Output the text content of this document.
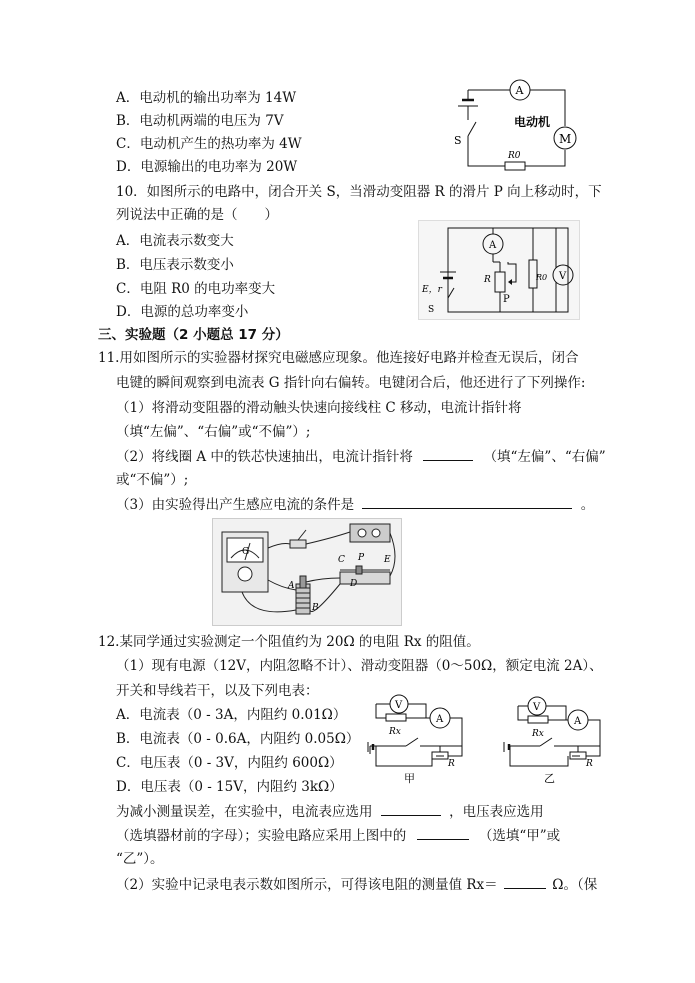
A．电动机的输出功率为 14W
B．电动机两端的电压为 7V
C．电动机产生的热功率为 4W
D．电源输出的电功率为 20W
A
电动机
M
S
R0
10．如图所示的电路中，闭合开关 S，当滑动变阻器 R 的滑片 P 向上移动时，下
列说法中正确的是（　　）
A．电流表示数变大
B．电压表示数变小
C．电阻 R0 的电功率变大
D．电源的总功率变小
A
V
E，r
S
R
P
R0
三、实验题（2 小题总 17 分）
11.用如图所示的实验器材探究电磁感应现象。他连接好电路并检查无误后，闭合
电键的瞬间观察到电流表 G 指针向右偏转。电键闭合后，他还进行了下列操作:
（1）将滑动变阻器的滑动触头快速向接线柱 C 移动，电流计指针将
（填“左偏”、“右偏”或“不偏”）;
（2）将线圈 A 中的铁芯快速抽出，电流计指针将	（填“左偏”、“右偏”
或“不偏”）;
（3）由实验得出产生感应电流的条件是	。
G
A
B
C P
D
E
12.某同学通过实验测定一个阻值约为 20Ω 的电阻 Rx 的阻值。
（1）现有电源（12V，内阻忽略不计）、滑动变阻器（0～50Ω，额定电流 2A）、
开关和导线若干，以及下列电表：
A．电流表（0 - 3A，内阻约 0.01Ω）
B．电流表（0 - 0.6A，内阻约 0.05Ω）
C．电压表（0 - 3V，内阻约 600Ω）
D．电压表（0 - 15V，内阻约 3kΩ）
V
A
Rx
R
甲
V
A
Rx
R
乙
为减小测量误差，在实验中，电流表应选用	，电压表应选用
（选填器材前的字母）；实验电路应采用上图中的	（选填“甲”或
“乙”）。
（2）实验中记录电表示数如图所示，可得该电阻的测量值 Rx＝	Ω。（保
